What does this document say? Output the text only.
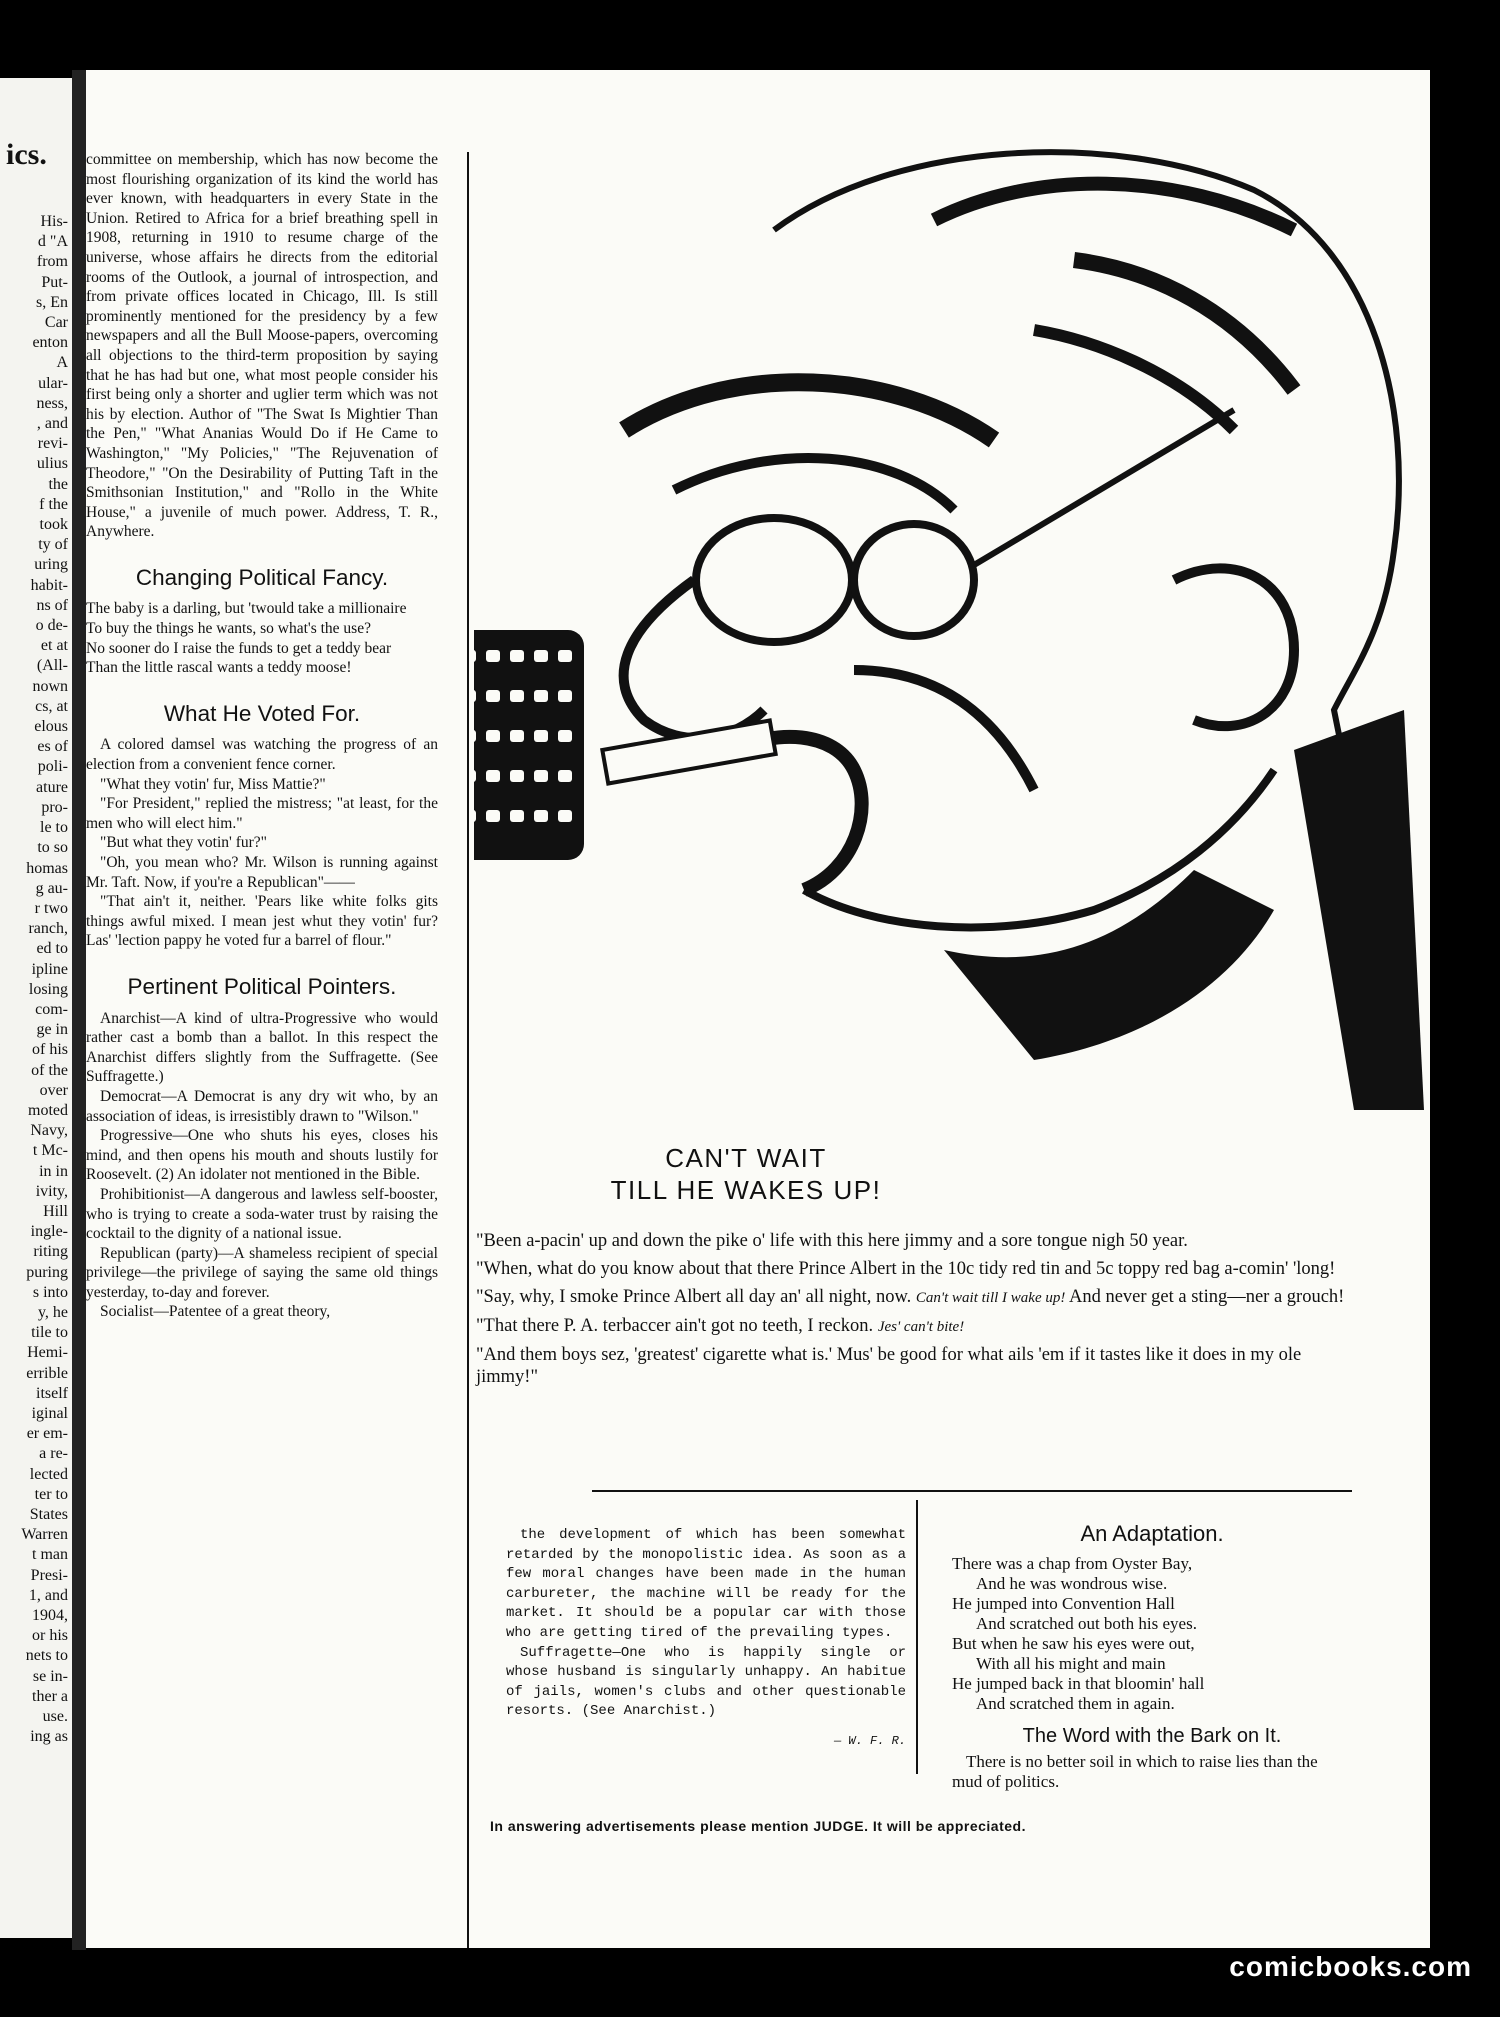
ics.
His-
d "A
from
Put-
s, En
Car
enton
A
ular-
ness,
, and
revi-
ulius
the
f the
took
ty of
uring
habit-
ns of
o de-
et at
(All-
nown
cs, at
elous
es of
poli-
ature
pro-
le to
to so
homas
g au-
r two
ranch,
ed to
ipline
losing
com-
ge in
of his
of the
over
moted
Navy,
t Mc-
in in
ivity,
Hill
ingle-
riting
puring
s into
y, he
tile to
Hemi-
errible
itself
iginal
er em-
a re-
lected
ter to
States
Warren
t man
Presi-
1, and
1904,
or his
nets to
se in-
ther a
use.
ing as

committee on membership, which has now become the most flourishing organization of its kind the world has ever known, with headquarters in every State in the Union. Retired to Africa for a brief breathing spell in 1908, returning in 1910 to resume charge of the universe, whose affairs he directs from the editorial rooms of the Outlook, a journal of introspection, and from private offices located in Chicago, Ill. Is still prominently mentioned for the presidency by a few newspapers and all the Bull Moose-papers, overcoming all objections to the third-term proposition by saying that he has had but one, what most people consider his first being only a shorter and uglier term which was not his by election. Author of "The Swat Is Mightier Than the Pen," "What Ananias Would Do if He Came to Washington," "My Policies," "The Rejuvenation of Theodore," "On the Desirability of Putting Taft in the Smithsonian Institution," and "Rollo in the White House," a juvenile of much power. Address, T. R., Anywhere.

Changing Political Fancy.
The baby is a darling, but 'twould take a millionaire
To buy the things he wants, so what's the use?
No sooner do I raise the funds to get a teddy bear
Than the little rascal wants a teddy moose!
What He Voted For.
A colored damsel was watching the progress of an election from a convenient fence corner.
"What they votin' fur, Miss Mattie?"
"For President," replied the mistress; "at least, for the men who will elect him."
"But what they votin' fur?"
"Oh, you mean who? Mr. Wilson is running against Mr. Taft. Now, if you're a Republican"——
"That ain't it, neither. 'Pears like white folks gits things awful mixed. I mean jest whut they votin' fur? Las' 'lection pappy he voted fur a barrel of flour."
Pertinent Political Pointers.
Anarchist—A kind of ultra-Progressive who would rather cast a bomb than a ballot. In this respect the Anarchist differs slightly from the Suffragette. (See Suffragette.)
Democrat—A Democrat is any dry wit who, by an association of ideas, is irresistibly drawn to "Wilson."
Progressive—One who shuts his eyes, closes his mind, and then opens his mouth and shouts lustily for Roosevelt. (2) An idolater not mentioned in the Bible.
Prohibitionist—A dangerous and lawless self-booster, who is trying to create a soda-water trust by raising the cocktail to the dignity of a national issue.
Republican (party)—A shameless recipient of special privilege—the privilege of saying the same old things yesterday, to-day and forever.
Socialist—Patentee of a great theory,
CAN'T WAIT
TILL HE WAKES UP!

"Been a-pacin' up and down the pike o' life with this here jimmy and a sore tongue nigh 50 year.

"When, what do you know about that there Prince Albert in the 10c tidy red tin and 5c toppy red bag a-comin' 'long!

"Say, why, I smoke Prince Albert all day an' all night, now. Can't wait till I wake up! And never get a sting—ner a grouch!

"That there P. A. terbaccer ain't got no teeth, I reckon. Jes' can't bite!

"And them boys sez, 'greatest' cigarette what is.' Mus' be good for what ails 'em if it tastes like it does in my ole jimmy!"

the development of which has been somewhat retarded by the monopolistic idea. As soon as a few moral changes have been made in the human carbureter, the machine will be ready for the market. It should be a popular car with those who are getting tired of the prevailing types.
Suffragette—One who is happily single or whose husband is singularly unhappy. An habitue of jails, women's clubs and other questionable resorts. (See Anarchist.)
— W. F. R.
An Adaptation.
There was a chap from Oyster Bay,
And he was wondrous wise.
He jumped into Convention Hall
And scratched out both his eyes.
But when he saw his eyes were out,
With all his might and main
He jumped back in that bloomin' hall
And scratched them in again.
The Word with the Bark on It.
There is no better soil in which to raise lies than the mud of politics.
In answering advertisements please mention JUDGE. It will be appreciated.
comicbooks.com
